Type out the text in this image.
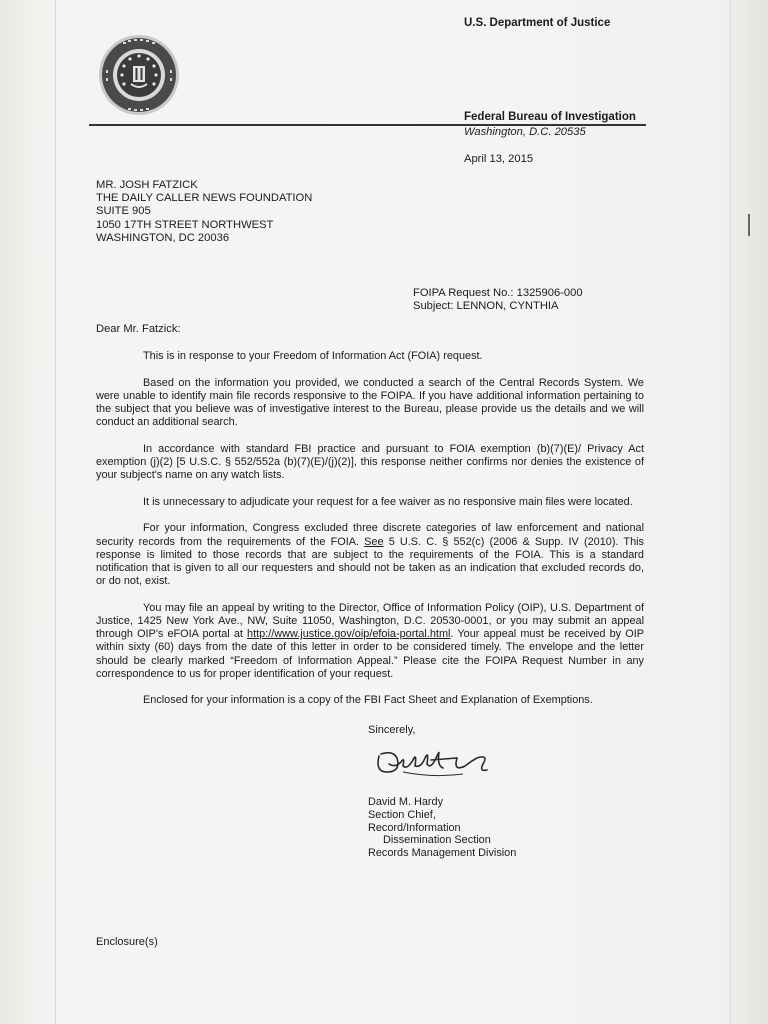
U.S. Department of Justice
Federal Bureau of Investigation
Washington, D.C. 20535
April 13, 2015
MR. JOSH FATZICK
THE DAILY CALLER NEWS FOUNDATION
SUITE 905
1050 17TH STREET NORTHWEST
WASHINGTON, DC 20036
FOIPA Request No.: 1325906-000
Subject: LENNON, CYNTHIA
Dear Mr. Fatzick:

This is in response to your Freedom of Information Act (FOIA) request.

Based on the information you provided, we conducted a search of the Central Records System. We were unable to identify main file records responsive to the FOIPA. If you have additional information pertaining to the subject that you believe was of investigative interest to the Bureau, please provide us the details and we will conduct an additional search.

In accordance with standard FBI practice and pursuant to FOIA exemption (b)(7)(E)/ Privacy Act exemption (j)(2) [5 U.S.C. § 552/552a (b)(7)(E)/(j)(2)], this response neither confirms nor denies the existence of your subject's name on any watch lists.

It is unnecessary to adjudicate your request for a fee waiver as no responsive main files were located.

For your information, Congress excluded three discrete categories of law enforcement and national security records from the requirements of the FOIA. See 5 U.S. C. § 552(c) (2006 & Supp. IV (2010). This response is limited to those records that are subject to the requirements of the FOIA. This is a standard notification that is given to all our requesters and should not be taken as an indication that excluded records do, or do not, exist.

You may file an appeal by writing to the Director, Office of Information Policy (OIP), U.S. Department of Justice, 1425 New York Ave., NW, Suite 11050, Washington, D.C. 20530-0001, or you may submit an appeal through OIP's eFOIA portal at http://www.justice.gov/oip/efoia-portal.html. Your appeal must be received by OIP within sixty (60) days from the date of this letter in order to be considered timely. The envelope and the letter should be clearly marked “Freedom of Information Appeal.” Please cite the FOIPA Request Number in any correspondence to us for proper identification of your request.

Enclosed for your information is a copy of the FBI Fact Sheet and Explanation of Exemptions.

Sincerely,
David M. Hardy
Section Chief,
Record/Information
Dissemination Section
Records Management Division
Enclosure(s)
